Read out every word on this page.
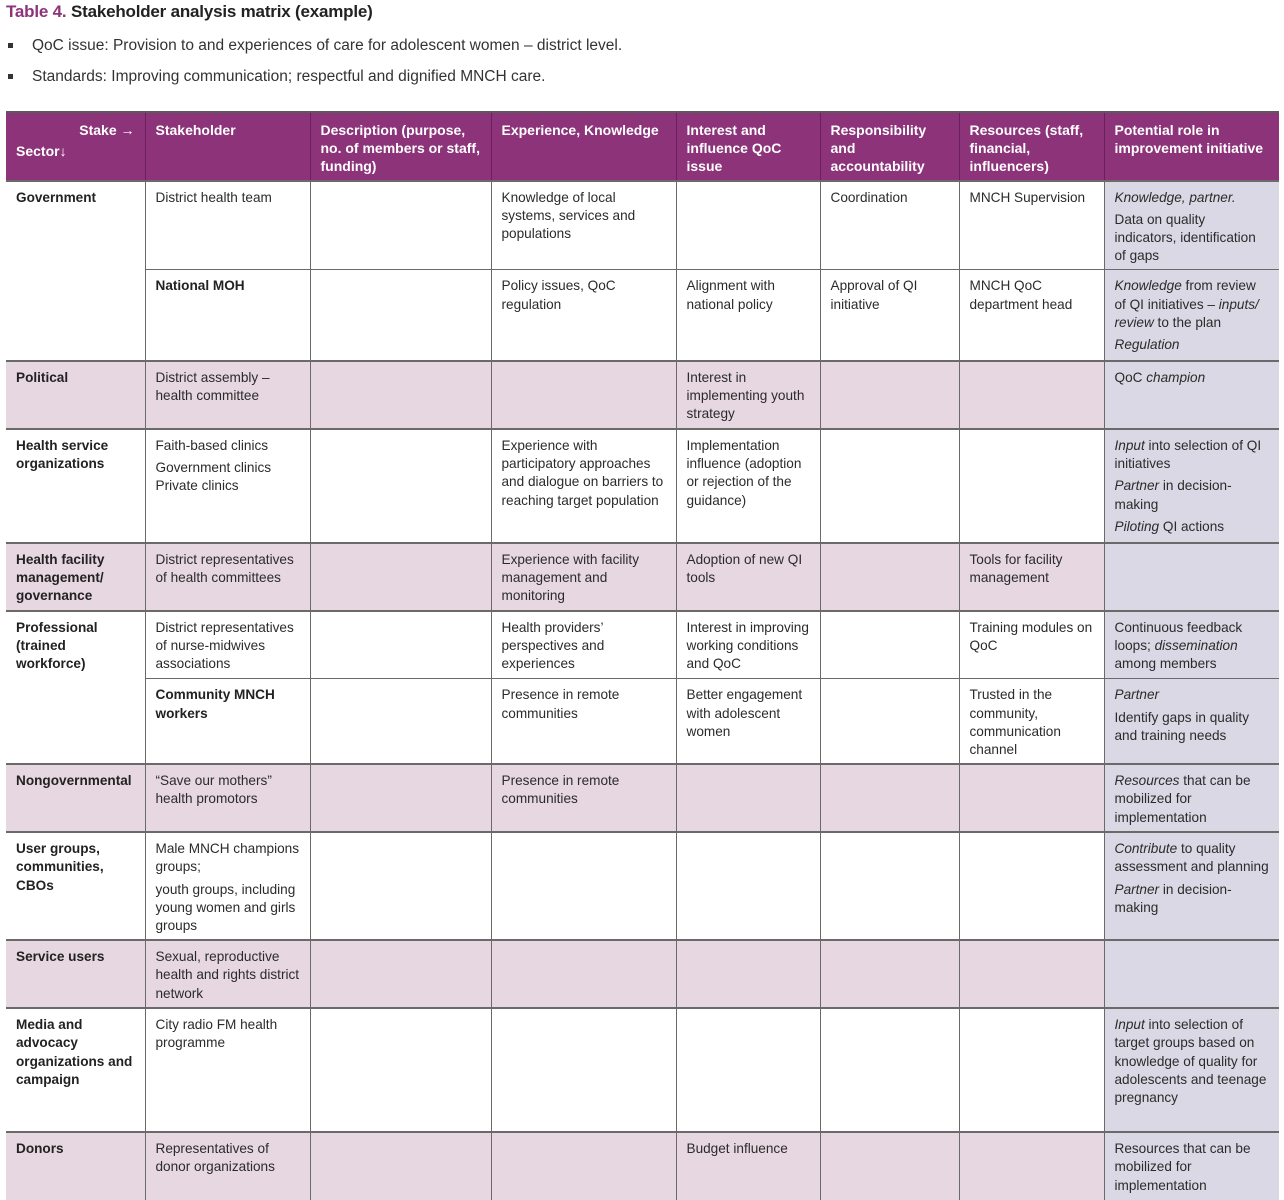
Table 4. Stakeholder analysis matrix (example)
QoC issue: Provision to and experiences of care for adolescent women – district level.
Standards: Improving communication; respectful and dignified MNCH care.
Stake →
Sector↓	Stakeholder	Description (purpose, no. of members or staff, funding)	Experience, Knowledge	Interest and influence QoC issue	Responsibility and accountability	Resources (staff, financial, influencers)	Potential role in improvement initiative
Government	District health team		Knowledge of local systems, services and populations		Coordination	MNCH Supervision	Knowledge, partner.
Data on quality indicators, identification of gaps

	National MOH		Policy issues, QoC regulation	Alignment with national policy	Approval of QI initiative	MNCH QoC department head	Knowledge from review of QI initiatives – inputs/ review to the plan
Regulation

Political	District assembly – health committee			Interest in implementing youth strategy			QoC champion

Health service organizations	Faith-based clinics
Government clinics Private clinics		Experience with participatory approaches and dialogue on barriers to reaching target population	Implementation influence (adoption or rejection of the guidance)			Input into selection of QI initiatives
Partner in decision-making
Piloting QI actions

Health facility management/ governance	District representatives of health committees		Experience with facility management and monitoring	Adoption of new QI tools		Tools for facility management	

Professional (trained workforce)	District representatives of nurse-midwives associations		Health providers’ perspectives and experiences	Interest in improving working conditions and QoC		Training modules on QoC	Continuous feedback loops; dissemination among members

	Community MNCH workers		Presence in remote communities	Better engagement with adolescent women		Trusted in the community, communication channel	Partner
Identify gaps in quality and training needs

Nongovernmental	“Save our mothers” health promotors		Presence in remote communities				Resources that can be mobilized for implementation

User groups, communities, CBOs	Male MNCH champions groups;
youth groups, including young women and girls groups						Contribute to quality assessment and planning
Partner in decision-making

Service users	Sexual, reproductive health and rights district network						

Media and advocacy organizations and campaign	City radio FM health programme						Input into selection of target groups based on knowledge of quality for adolescents and teenage pregnancy

Donors	Representatives of donor organizations			Budget influence			Resources that can be mobilized for implementation
